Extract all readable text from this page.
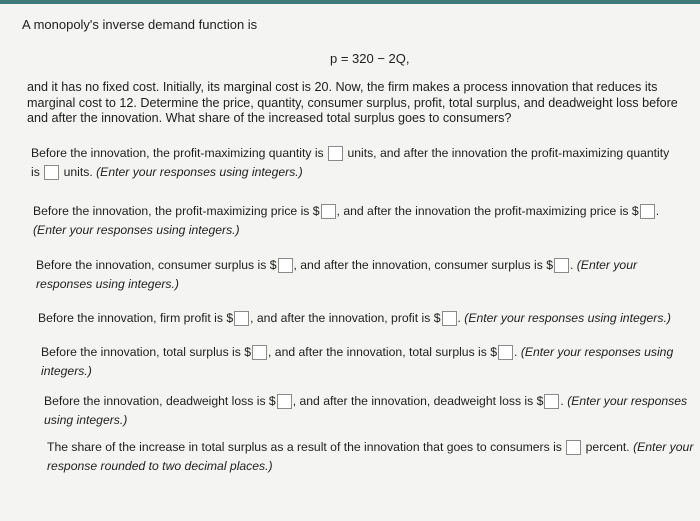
A monopoly's inverse demand function is
p = 320 − 2Q,
and it has no fixed cost. Initially, its marginal cost is 20. Now, the firm makes a process innovation that reduces its marginal cost to 12. Determine the price, quantity, consumer surplus, profit, total surplus, and deadweight loss before and after the innovation. What share of the increased total surplus goes to consumers?
Before the innovation, the profit-maximizing quantity is units, and after the innovation the profit-maximizing quantity
is units. (Enter your responses using integers.)
Before the innovation, the profit-maximizing price is $ , and after the innovation the profit-maximizing price is $ .
(Enter your responses using integers.)
Before the innovation, consumer surplus is $ , and after the innovation, consumer surplus is $ . (Enter your
responses using integers.)
Before the innovation, firm profit is $ , and after the innovation, profit is $ . (Enter your responses using integers.)
Before the innovation, total surplus is $ , and after the innovation, total surplus is $ . (Enter your responses using
integers.)
Before the innovation, deadweight loss is $ , and after the innovation, deadweight loss is $ . (Enter your responses
using integers.)
The share of the increase in total surplus as a result of the innovation that goes to consumers is percent. (Enter your
response rounded to two decimal places.)
